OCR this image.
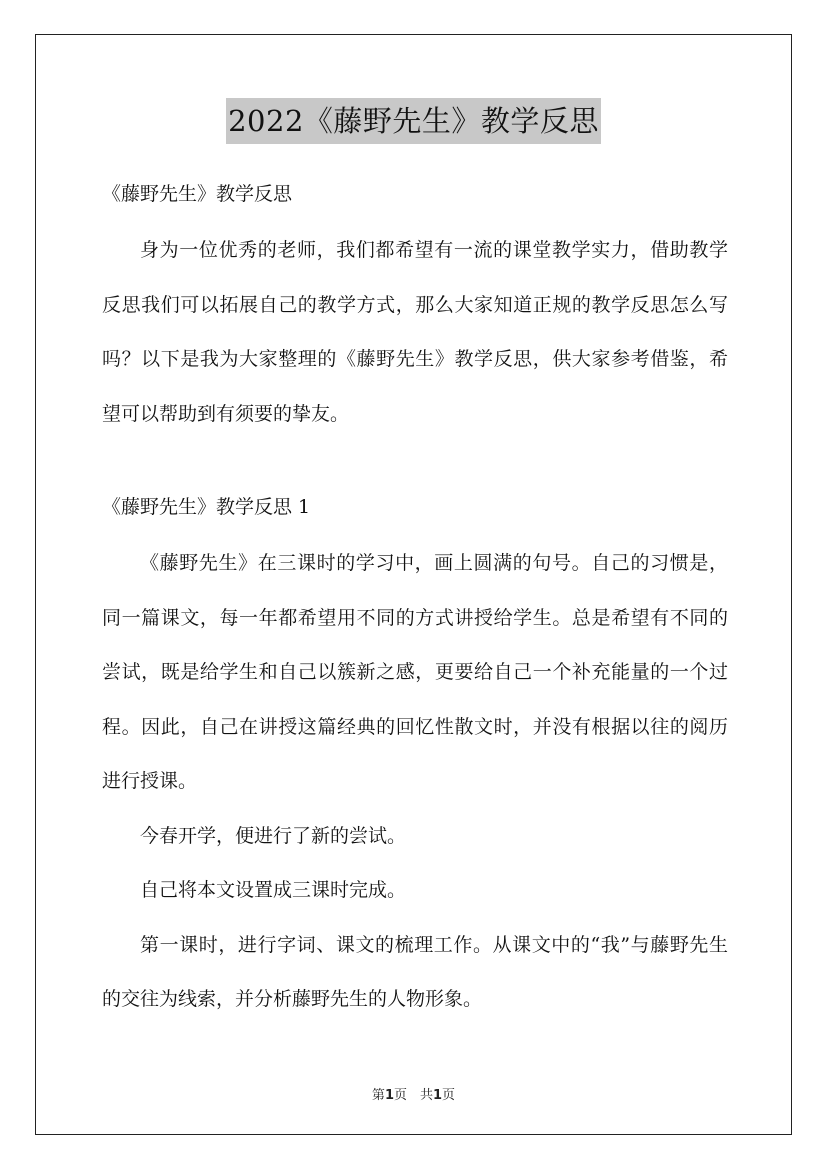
2022《藤野先生》教学反思

《藤野先生》教学反思

身为一位优秀的老师，我们都希望有一流的课堂教学实力，借助教学反思我们可以拓展自己的教学方式，那么大家知道正规的教学反思怎么写吗？以下是我为大家整理的《藤野先生》教学反思，供大家参考借鉴，希望可以帮助到有须要的挚友。

《藤野先生》教学反思 1

《藤野先生》在三课时的学习中，画上圆满的句号。自己的习惯是，同一篇课文，每一年都希望用不同的方式讲授给学生。总是希望有不同的尝试，既是给学生和自己以簇新之感，更要给自己一个补充能量的一个过程。因此，自己在讲授这篇经典的回忆性散文时，并没有根据以往的阅历进行授课。

今春开学，便进行了新的尝试。

自己将本文设置成三课时完成。

第一课时，进行字词、课文的梳理工作。从课文中的“我”与藤野先生的交往为线索，并分析藤野先生的人物形象。

第1页　共1页
